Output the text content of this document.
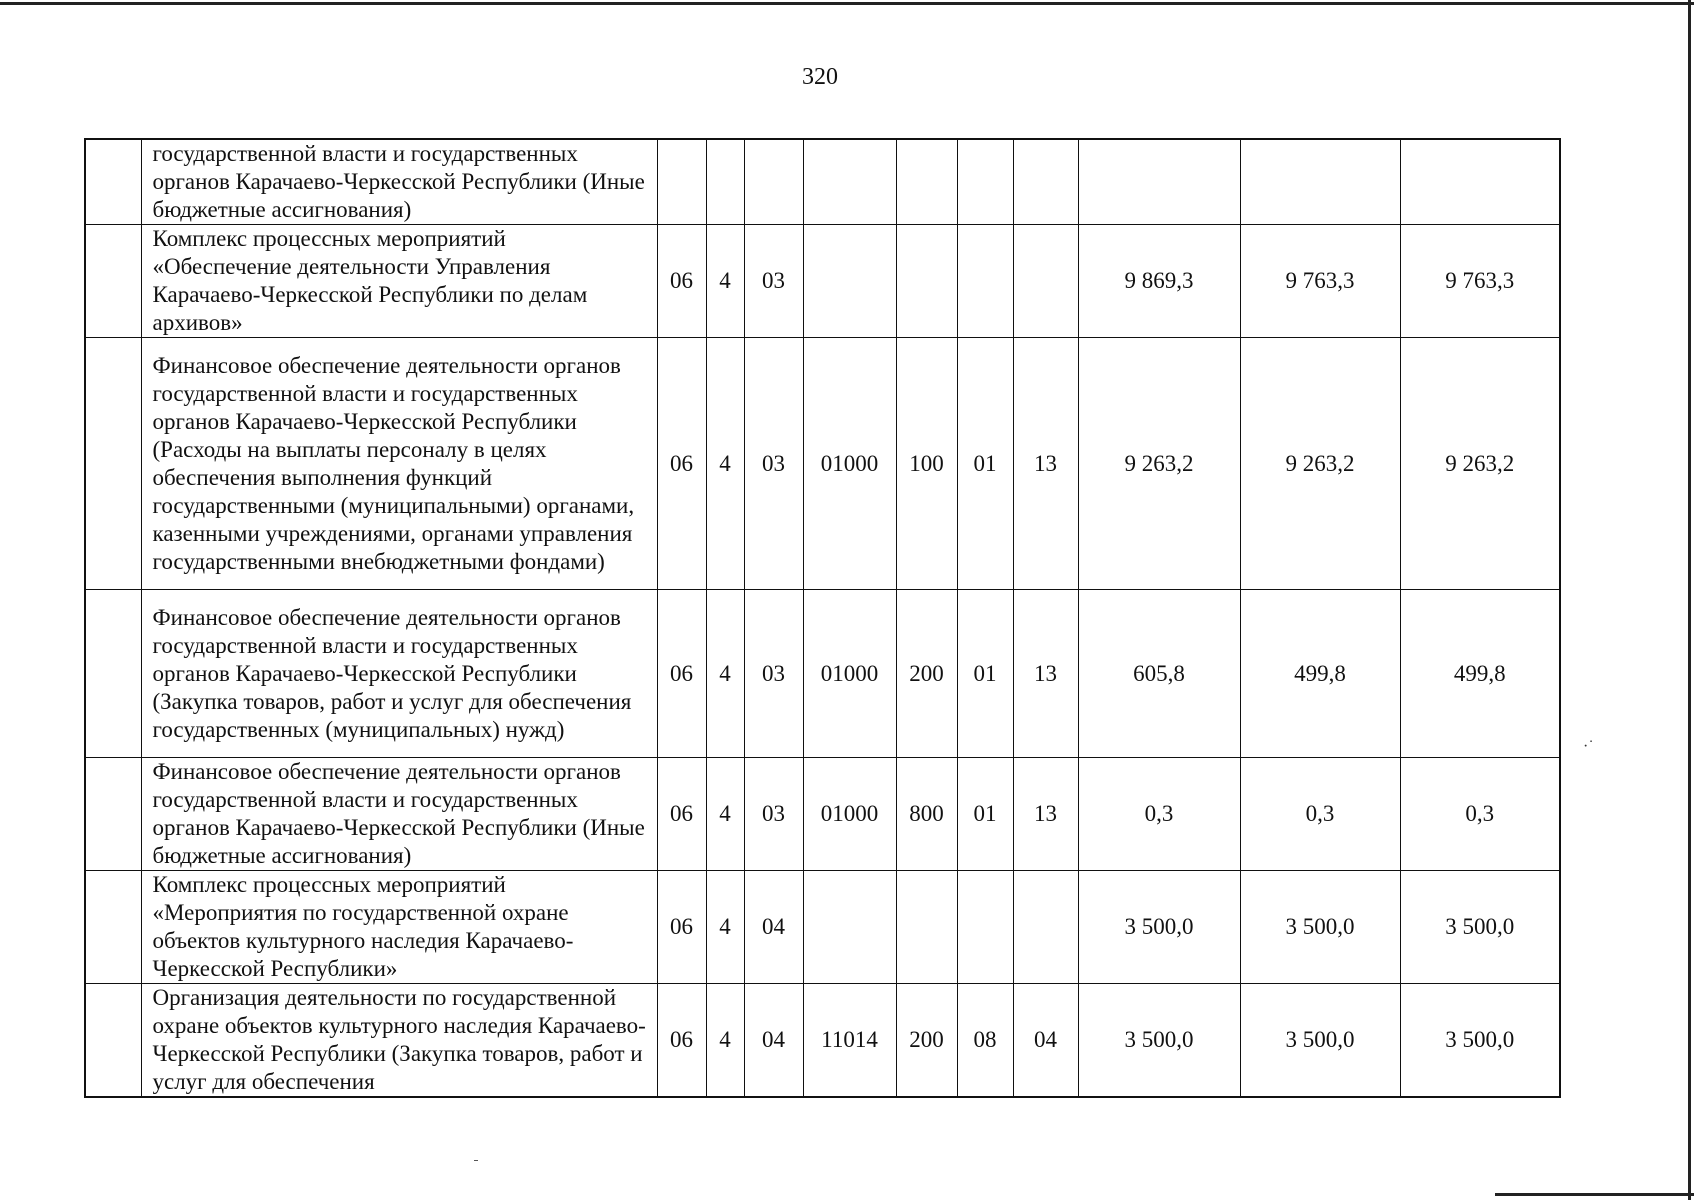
320
	государственной власти и государственных органов Карачаево-Черкесской Республики (Иные бюджетные ассигнования)										
	Комплекс процессных мероприятий «Обеспечение деятельности Управления Карачаево-Черкесской Республики по делам архивов»	06	4	03					9 869,3	9 763,3	9 763,3
	Финансовое обеспечение деятельности органов государственной власти и государственных органов Карачаево-Черкесской Республики (Расходы на выплаты персоналу в целях обеспечения выполнения функций государственными (муниципальными) органами, казенными учреждениями, органами управления государственными внебюджетными фондами)	06	4	03	01000	100	01	13	9 263,2	9 263,2	9 263,2
	Финансовое обеспечение деятельности органов государственной власти и государственных органов Карачаево-Черкесской Республики (Закупка товаров, работ и услуг для обеспечения государственных (муниципальных) нужд)	06	4	03	01000	200	01	13	605,8	499,8	499,8
	Финансовое обеспечение деятельности органов государственной власти и государственных органов Карачаево-Черкесской Республики (Иные бюджетные ассигнования)	06	4	03	01000	800	01	13	0,3	0,3	0,3
	Комплекс процессных мероприятий «Мероприятия по государственной охране объектов культурного наследия Карачаево-Черкесской Республики»	06	4	04					3 500,0	3 500,0	3 500,0
	Организация деятельности по государственной охране объектов культурного наследия Карачаево-Черкесской Республики (Закупка товаров, работ и услуг для обеспечения	06	4	04	11014	200	08	04	3 500,0	3 500,0	3 500,0
·˙
